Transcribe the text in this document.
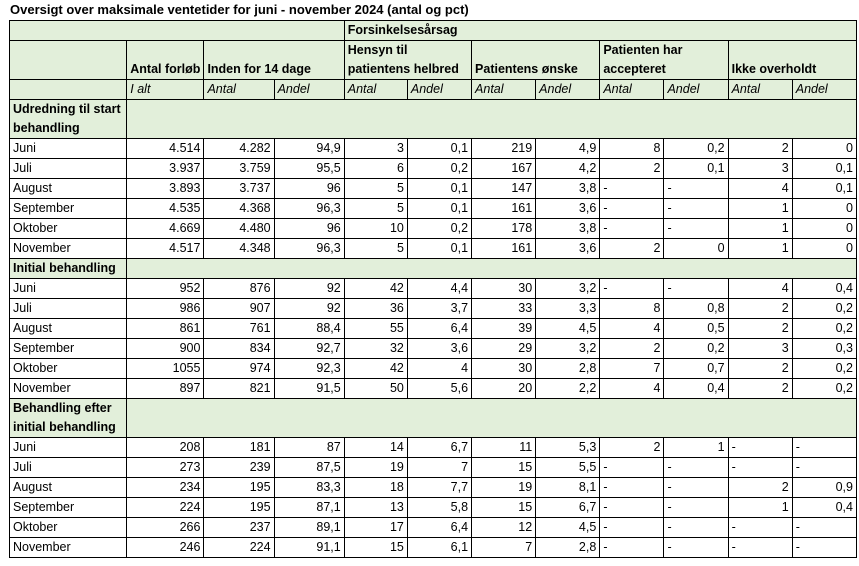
Oversigt over maksimale ventetider for juni - november 2024 (antal og pct)
				Forsinkelsesårsag							
	Antal forløb	Inden for 14 dage		Hensyn til patientens helbred		Patientens ønske		Patienten har accepteret		Ikke overholdt	
	I alt	Antal	Andel	Antal	Andel	Antal	Andel	Antal	Andel	Antal	Andel
Udredning til start behandling											
Juni	4.514	4.282	94,9	3	0,1	219	4,9	8	0,2	2	0
Juli	3.937	3.759	95,5	6	0,2	167	4,2	2	0,1	3	0,1
August	3.893	3.737	96	5	0,1	147	3,8	-	-	4	0,1
September	4.535	4.368	96,3	5	0,1	161	3,6	-	-	1	0
Oktober	4.669	4.480	96	10	0,2	178	3,8	-	-	1	0
November	4.517	4.348	96,3	5	0,1	161	3,6	2	0	1	0
Initial behandling											
Juni	952	876	92	42	4,4	30	3,2	-	-	4	0,4
Juli	986	907	92	36	3,7	33	3,3	8	0,8	2	0,2
August	861	761	88,4	55	6,4	39	4,5	4	0,5	2	0,2
September	900	834	92,7	32	3,6	29	3,2	2	0,2	3	0,3
Oktober	1055	974	92,3	42	4	30	2,8	7	0,7	2	0,2
November	897	821	91,5	50	5,6	20	2,2	4	0,4	2	0,2
Behandling efter initial behandling											
Juni	208	181	87	14	6,7	11	5,3	2	1	-	-
Juli	273	239	87,5	19	7	15	5,5	-	-	-	-
August	234	195	83,3	18	7,7	19	8,1	-	-	2	0,9
September	224	195	87,1	13	5,8	15	6,7	-	-	1	0,4
Oktober	266	237	89,1	17	6,4	12	4,5	-	-	-	-
November	246	224	91,1	15	6,1	7	2,8	-	-	-	-
